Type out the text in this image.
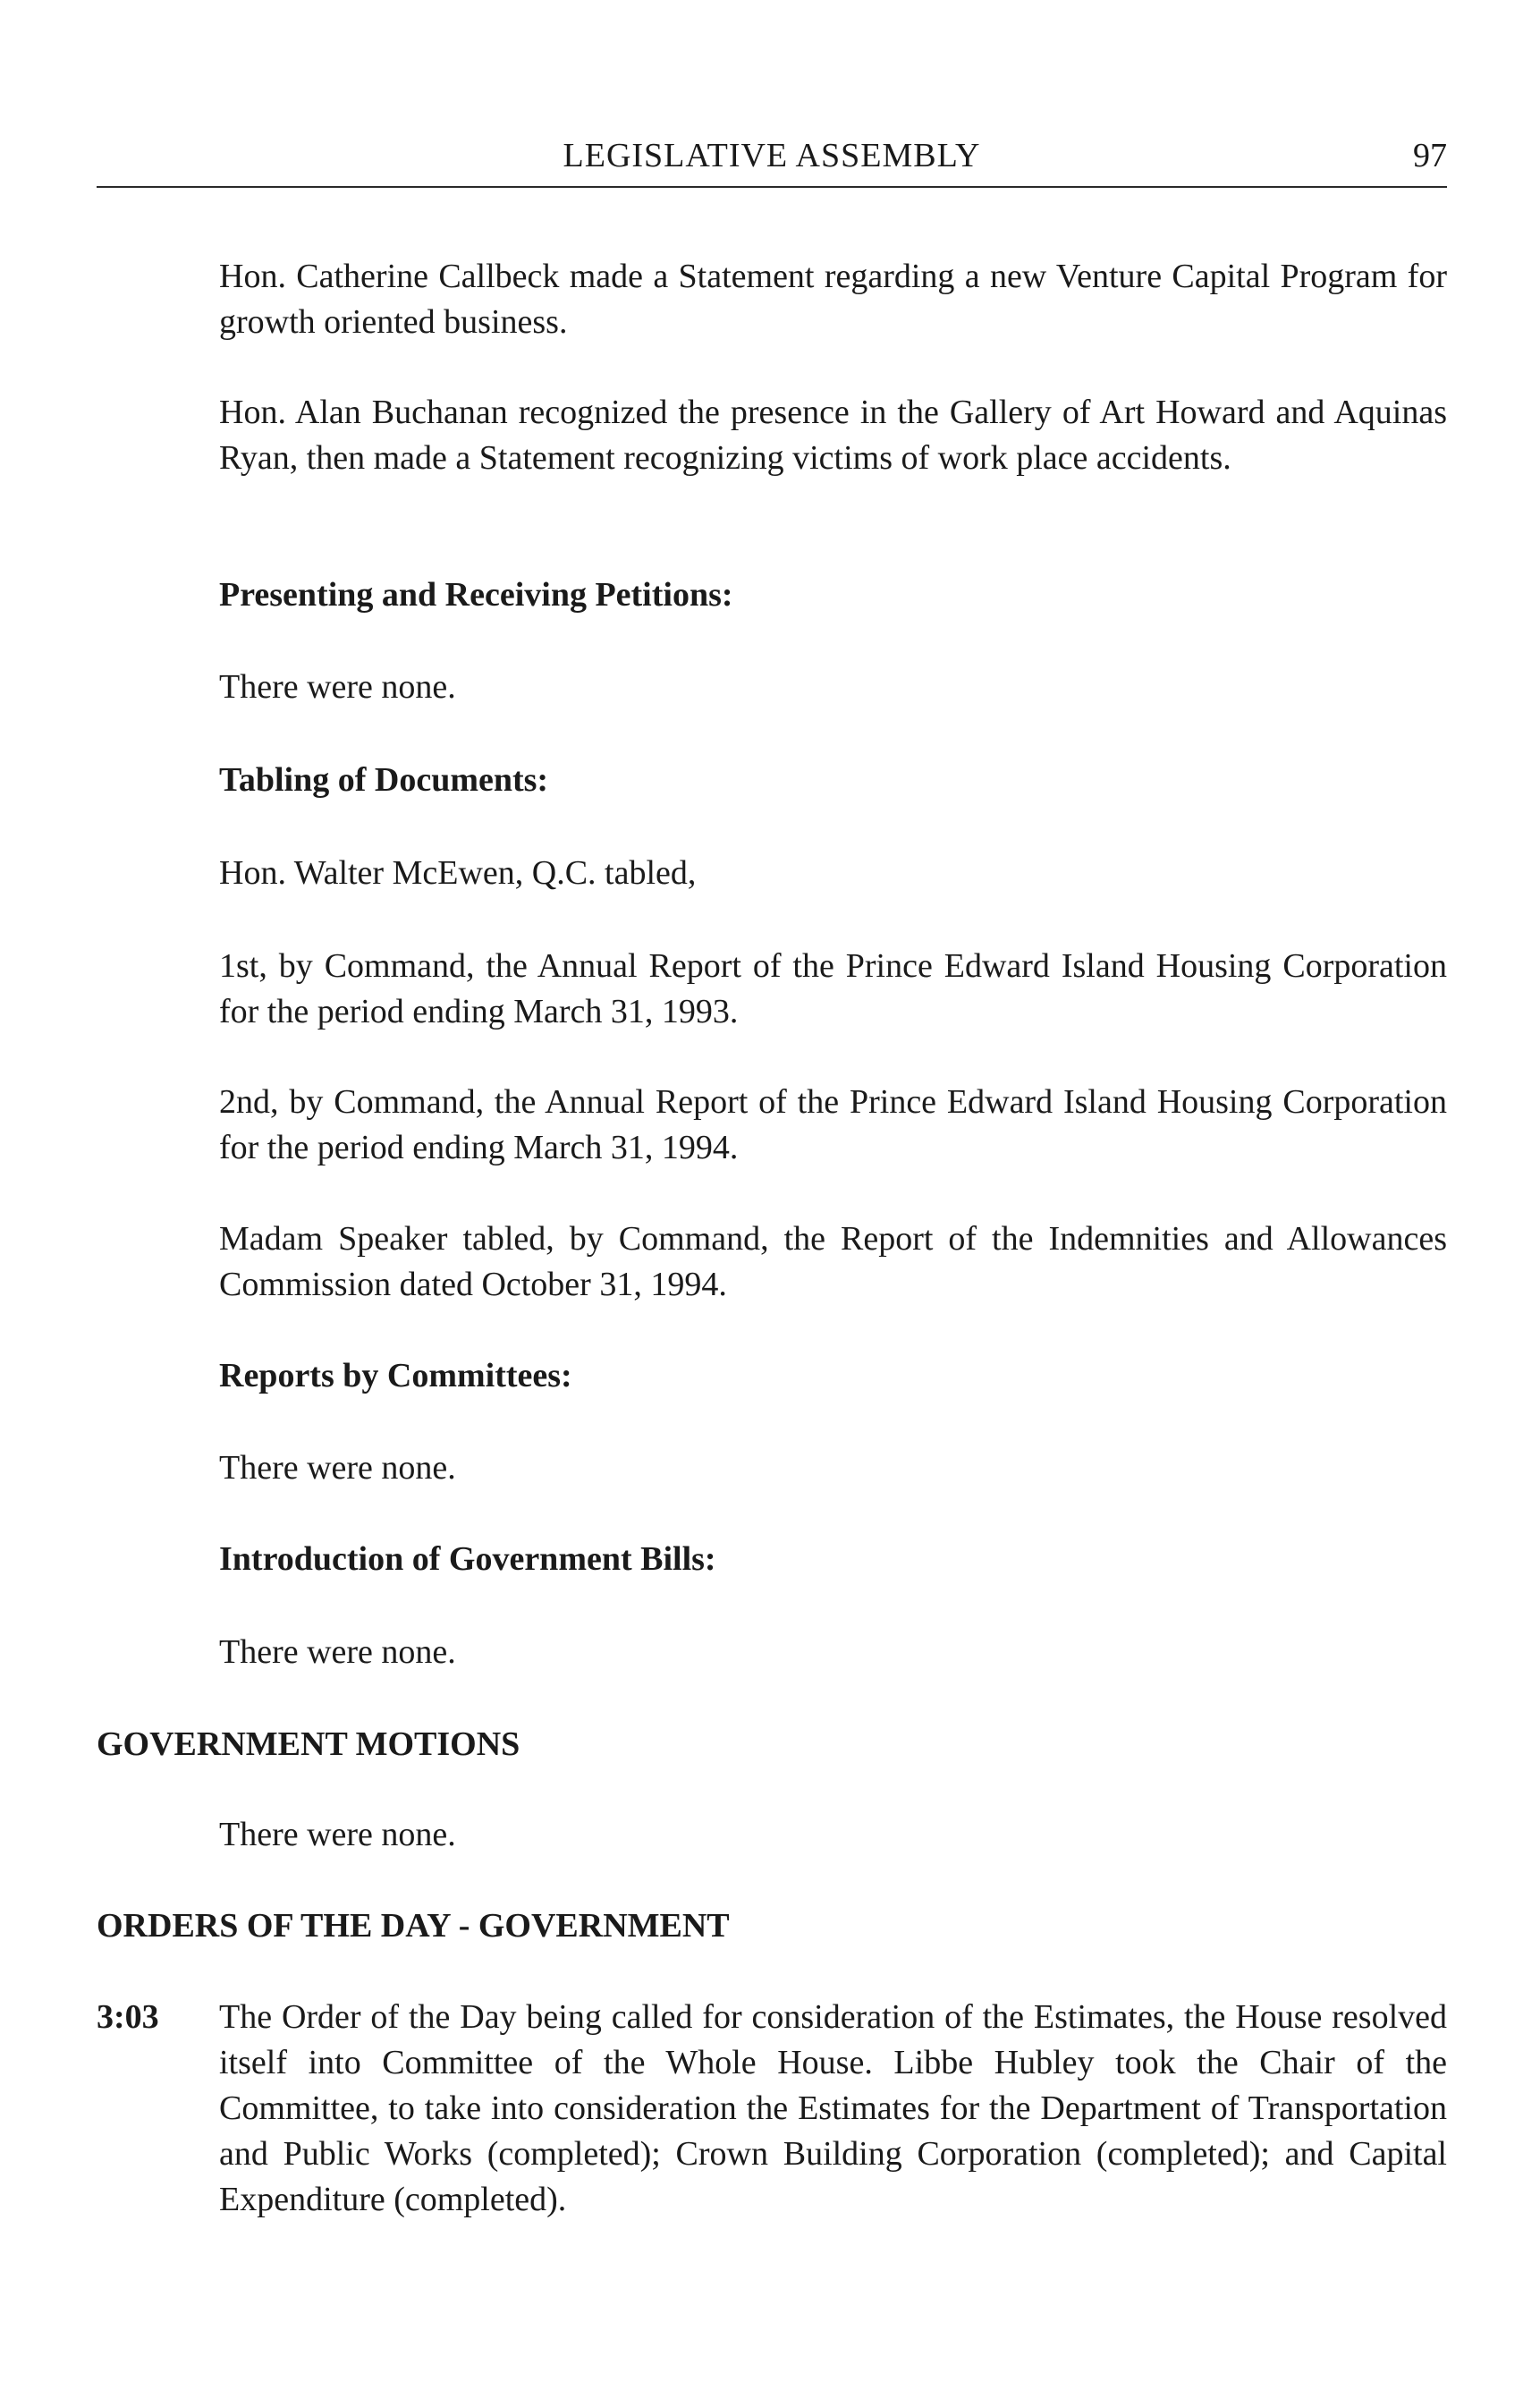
LEGISLATIVE ASSEMBLY	97
Hon. Catherine Callbeck made a Statement regarding a new Venture Capital Program for growth oriented business.
Hon. Alan Buchanan recognized the presence in the Gallery of Art Howard and Aquinas Ryan, then made a Statement recognizing victims of work place accidents.
Presenting and Receiving Petitions:
There were none.
Tabling of Documents:
Hon. Walter McEwen, Q.C. tabled,
1st, by Command, the Annual Report of the Prince Edward Island Housing Corporation for the period ending March 31, 1993.
2nd, by Command, the Annual Report of the Prince Edward Island Housing Corporation for the period ending March 31, 1994.
Madam Speaker tabled, by Command, the Report of the Indemnities and Allowances Commission dated October 31, 1994.
Reports by Committees:
There were none.
Introduction of Government Bills:
There were none.
GOVERNMENT MOTIONS
There were none.
ORDERS OF THE DAY - GOVERNMENT
3:03 The Order of the Day being called for consideration of the Estimates, the House resolved itself into Committee of the Whole House. Libbe Hubley took the Chair of the Committee, to take into consideration the Estimates for the Department of Transportation and Public Works (completed); Crown Building Corporation (completed); and Capital Expenditure (completed).
